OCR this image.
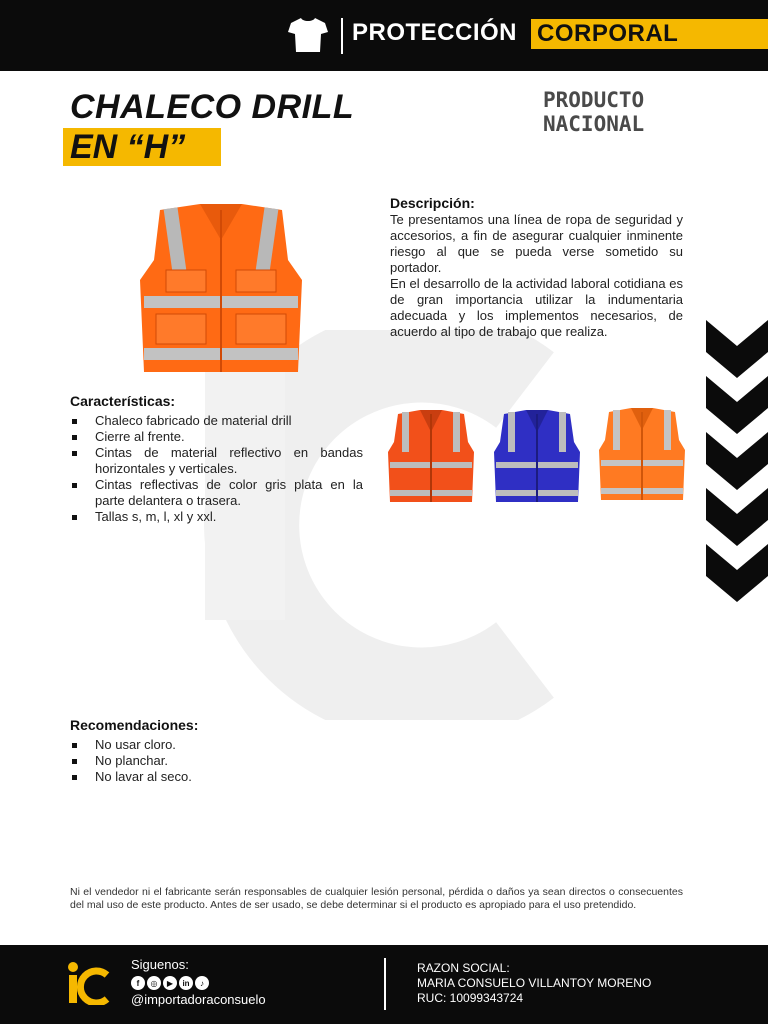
PROTECCIÓN CORPORAL
CHALECO DRILL
EN “H”
PRODUCTO
NACIONAL
Descripción:

Te presentamos una línea de ropa de seguridad y accesorios, a fin de asegurar cualquier inminente riesgo al que se pueda verse sometido su portador.

En el desarrollo de la actividad laboral cotidiana es de gran importancia utilizar la indumentaria adecuada y los implementos necesarios, de acuerdo al tipo de trabajo que realiza.

Características:
Chaleco fabricado de material drill
Cierre al frente.
Cintas de material reflectivo en bandas horizontales y verticales.
Cintas reflectivas de color gris plata en la parte delantera o trasera.
Tallas s, m, l, xl y xxl.
Recomendaciones:
No usar cloro.
No planchar.
No lavar al seco.
Ni el vendedor ni el fabricante serán responsables de cualquier lesión personal, pérdida o daños ya sean directos o consecuentes del mal uso de este producto. Antes de ser usado, se debe determinar si el producto es apropiado para el uso pretendido.
Siguenos:
f	◎	▶	in	♪
@importadoraconsuelo
RAZON SOCIAL:
MARIA CONSUELO VILLANTOY MORENO
RUC: 10099343724
